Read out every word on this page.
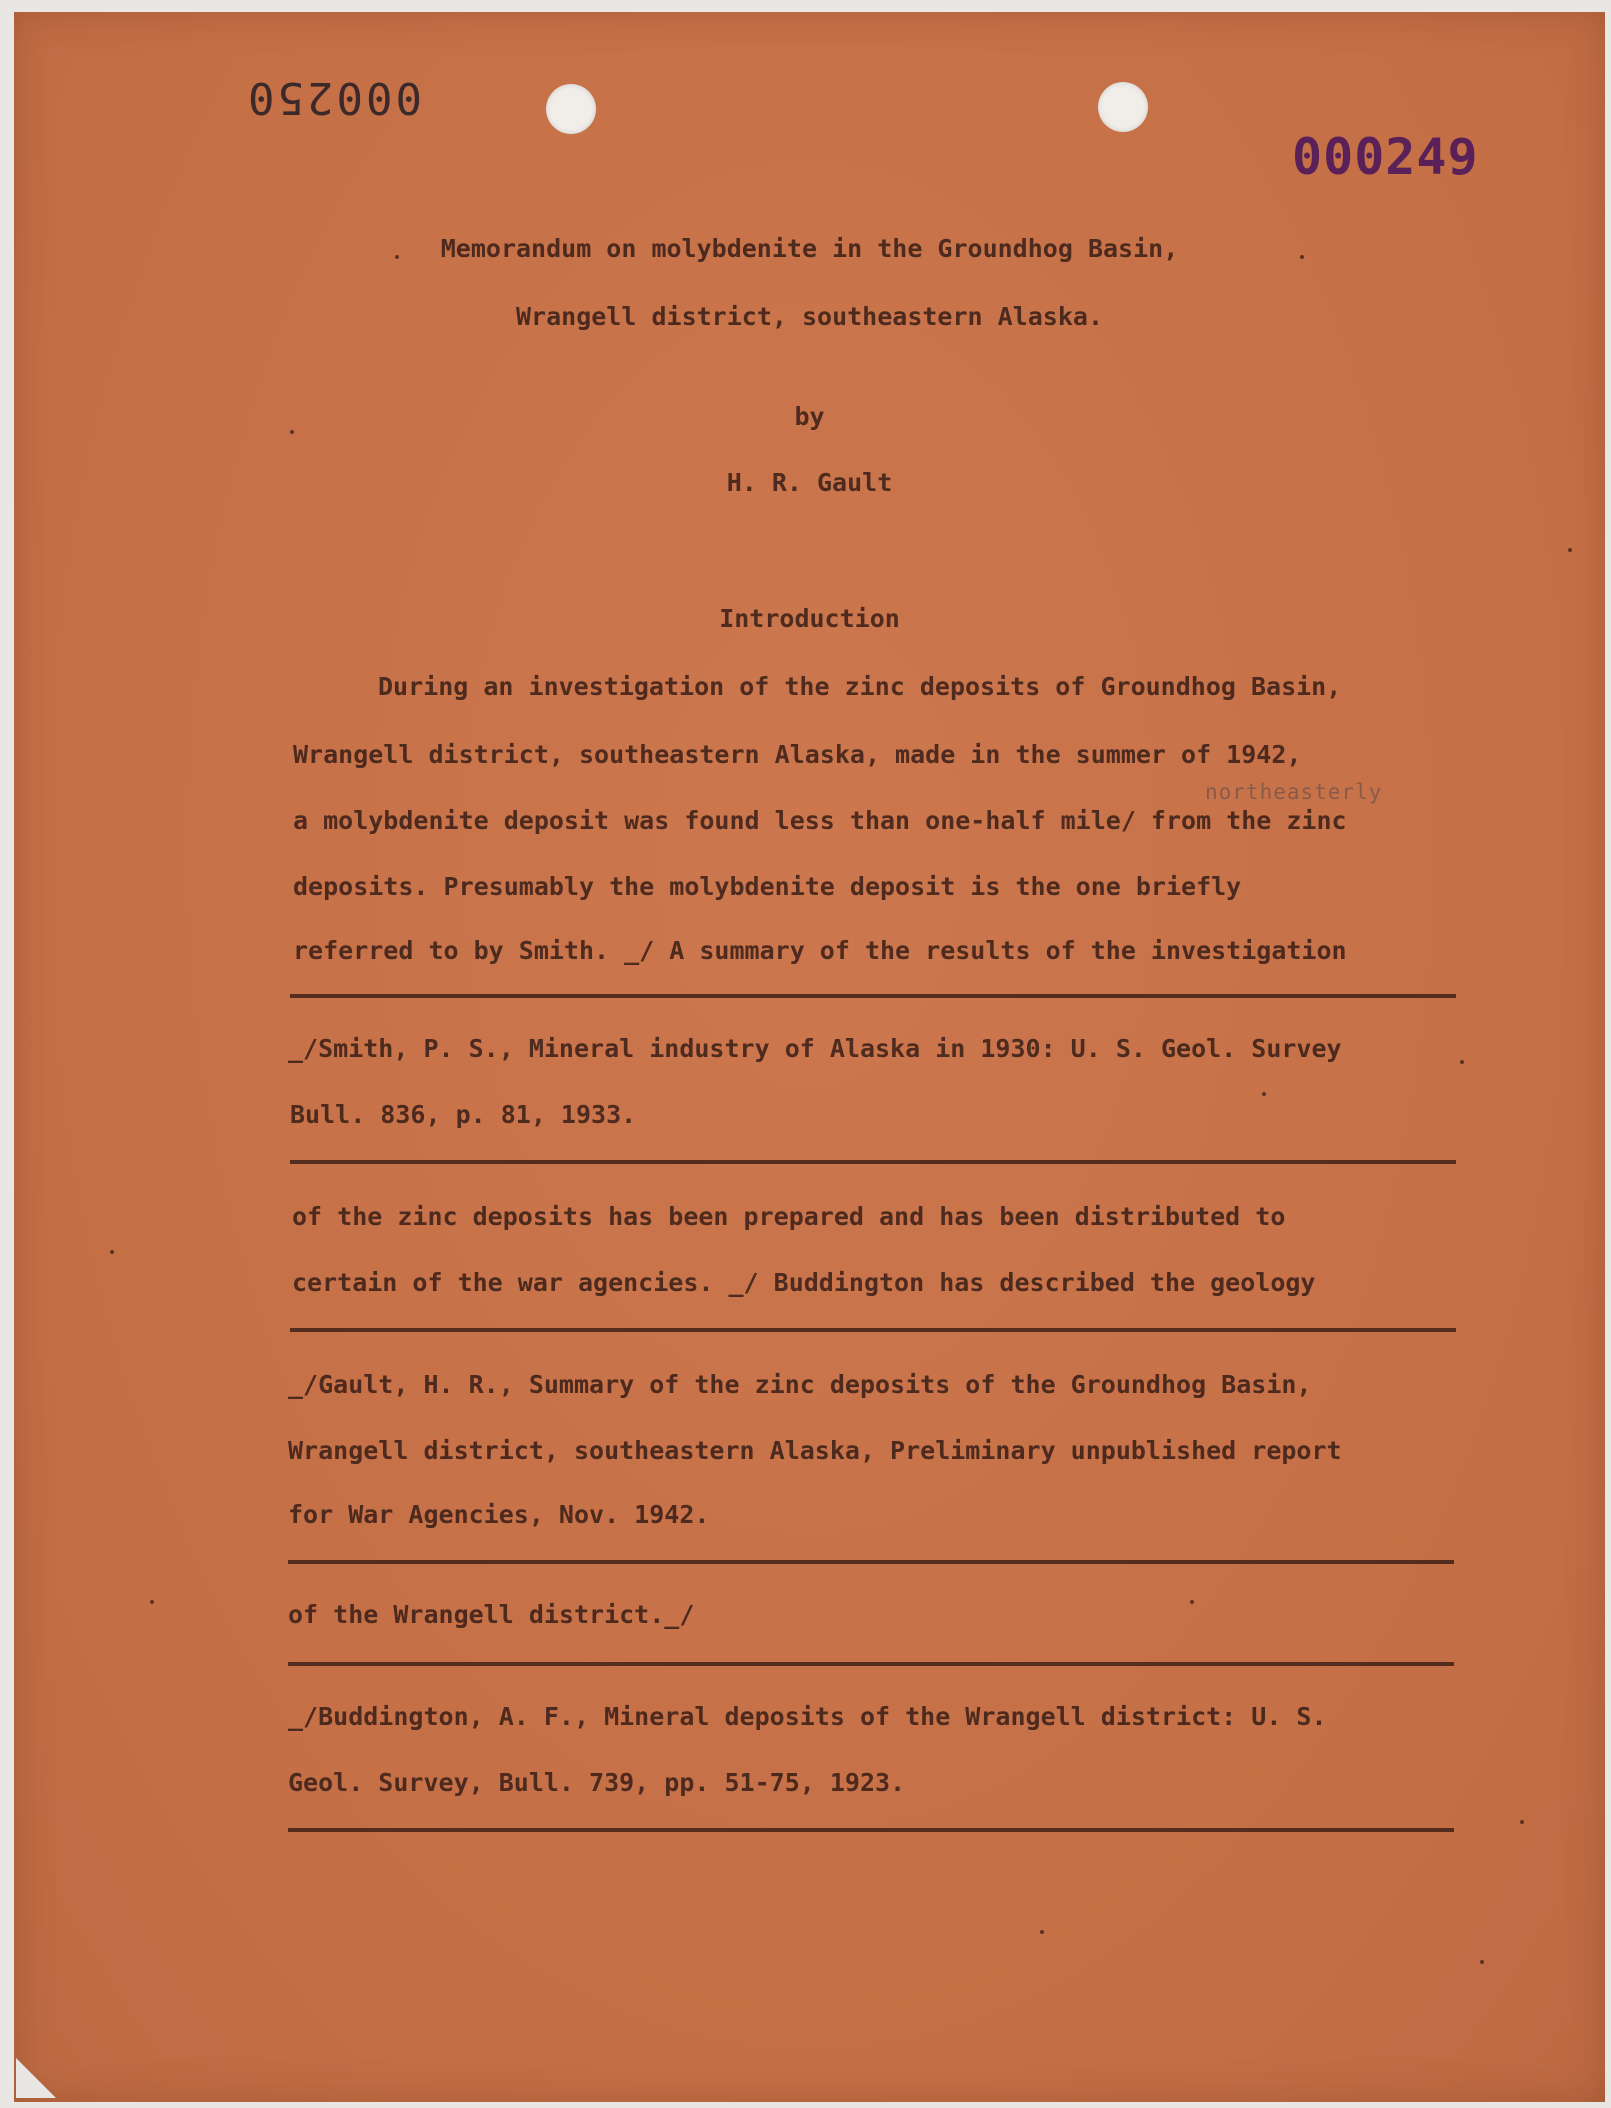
000250
000249
Memorandum on molybdenite in the Groundhog Basin,
Wrangell district, southeastern Alaska.
by
H. R. Gault
Introduction
northeasterly
During an investigation of the zinc deposits of Groundhog Basin,
Wrangell district, southeastern Alaska, made in the summer of 1942,
a molybdenite deposit was found less than one-half mile/ from the zinc
deposits. Presumably the molybdenite deposit is the one briefly
referred to by Smith. _/ A summary of the results of the investigation
_/Smith, P. S., Mineral industry of Alaska in 1930: U. S. Geol. Survey
Bull. 836, p. 81, 1933.
of the zinc deposits has been prepared and has been distributed to
certain of the war agencies. _/ Buddington has described the geology
_/Gault, H. R., Summary of the zinc deposits of the Groundhog Basin,
Wrangell district, southeastern Alaska, Preliminary unpublished report
for War Agencies, Nov. 1942.
of the Wrangell district._/
_/Buddington, A. F., Mineral deposits of the Wrangell district: U. S.
Geol. Survey, Bull. 739, pp. 51-75, 1923.
